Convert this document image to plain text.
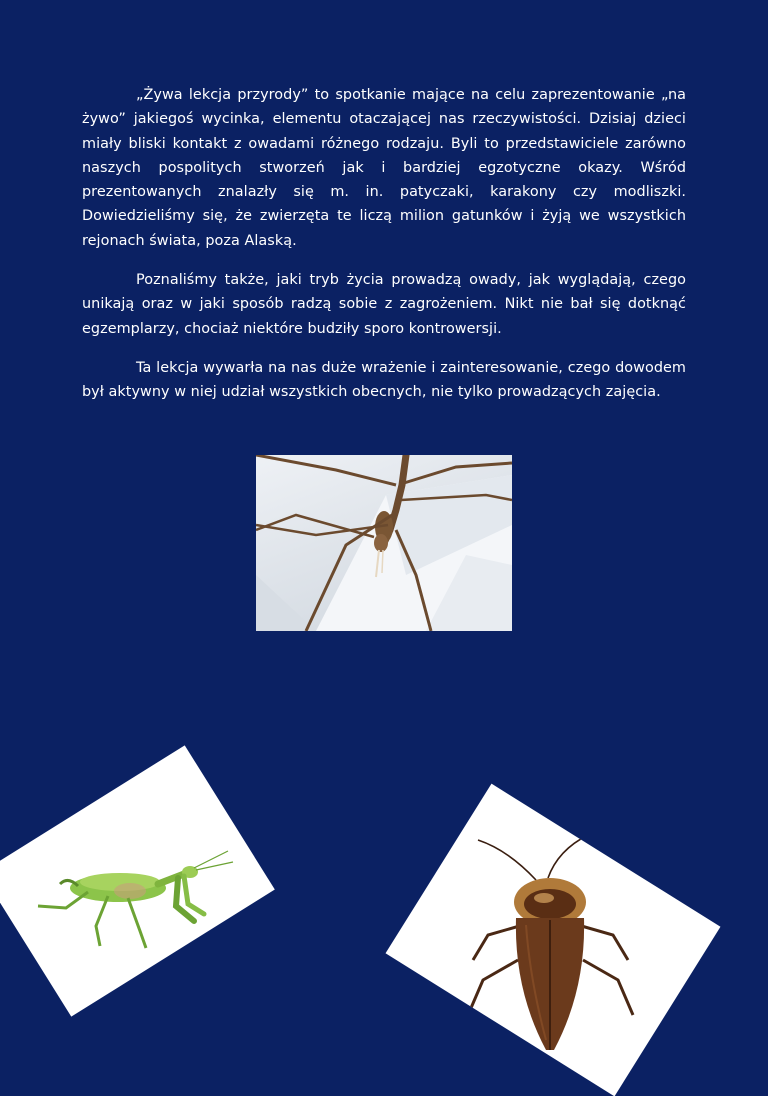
„Żywa lekcja przyrody” to spotkanie mające na celu zaprezentowanie „na żywo” jakiegoś wycinka, elementu otaczającej nas rzeczywistości. Dzisiaj dzieci miały bliski kontakt z owadami różnego rodzaju. Byli to przedstawiciele zarówno naszych pospolitych stworzeń jak i bardziej egzotyczne okazy. Wśród prezentowanych znalazły się m. in. patyczaki, karakony czy modliszki. Dowiedzieliśmy się, że zwierzęta te liczą milion gatunków i żyją we wszystkich rejonach świata, poza Alaską.

Poznaliśmy także, jaki tryb życia prowadzą owady, jak wyglądają, czego unikają oraz w jaki sposób radzą sobie z zagrożeniem. Nikt nie bał się dotknąć egzemplarzy, chociaż niektóre budziły sporo kontrowersji.

Ta lekcja wywarła na nas duże wrażenie i zainteresowanie, czego dowodem był aktywny w niej udział wszystkich obecnych, nie tylko prowadzących zajęcia.
